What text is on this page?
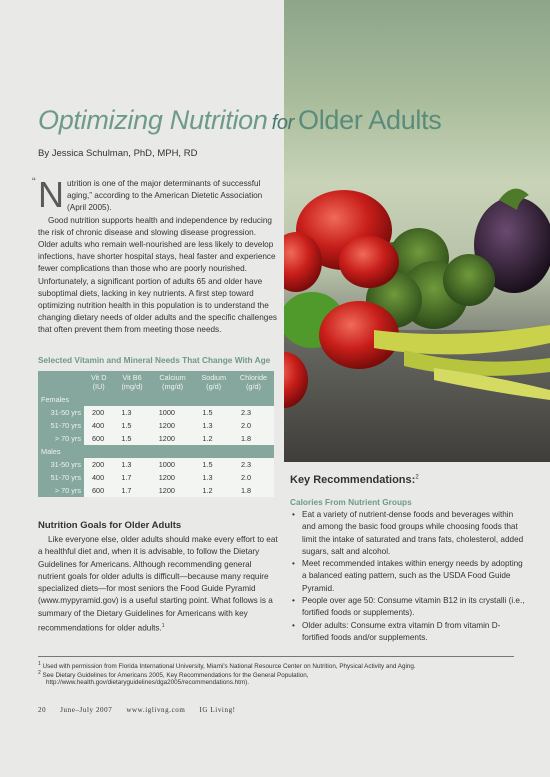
Optimizing Nutrition for Older Adults
By Jessica Schulman, PhD, MPH, RD
“ N utrition is one of the major determinants of successful aging,” according to the American Dietetic Association (April 2005).

Good nutrition supports health and independence by reducing the risk of chronic disease and slowing disease progression. Older adults who remain well-nourished are less likely to develop infections, have shorter hospital stays, heal faster and experience fewer complications than those who are poorly nourished. Unfortunately, a significant portion of adults 65 and older have suboptimal diets, lacking in key nutrients. A first step toward optimizing nutrition health in this population is to understand the changing dietary needs of older adults and the specific challenges that often prevent them from meeting those needs.

Selected Vitamin and Mineral Needs That Change With Age
	Vit D (IU)	Vit B6 (mg/d)	Calcium (mg/d)	Sodium (g/d)	Chloride (g/d)
Females					
31-50 yrs	200	1.3	1000	1.5	2.3
51-70 yrs	400	1.5	1200	1.3	2.0
> 70 yrs	600	1.5	1200	1.2	1.8
Males					
31-50 yrs	200	1.3	1000	1.5	2.3
51-70 yrs	400	1.7	1200	1.3	2.0
> 70 yrs	600	1.7	1200	1.2	1.8
Nutrition Goals for Older Adults
Like everyone else, older adults should make every effort to eat a healthful diet and, when it is advisable, to follow the Dietary Guidelines for Americans. Although recommending general nutrient goals for older adults is difficult—because many require specialized diets—for most seniors the Food Guide Pyramid (www.mypyramid.gov) is a useful starting point. What follows is a summary of the Dietary Guidelines for Americans with key recommendations for older adults.$^1$
Key Recommendations:$^2$
Calories From Nutrient Groups
• Eat a variety of nutrient-dense foods and beverages within and among the basic food groups while choosing foods that limit the intake of saturated and trans fats, cholesterol, added sugars, salt and alcohol.
• Meet recommended intakes within energy needs by adopting a balanced eating pattern, such as the USDA Food Guide Pyramid.
• People over age 50: Consume vitamin B12 in its crystalli (i.e., fortified foods or supplements).
• Older adults: Consume extra vitamin D from vitamin D-fortified foods and/or supplements.
$^1$ Used with permission from Florida International University, Miami's National Resource Center on Nutrition, Physical Activity and Aging.
$^2$ See Dietary Guidelines for Americans 2005, Key Recommendations for the General Population,
http://www.health.gov/dietaryguidelines/dga2005/recommendations.htm).
20 June–July 2007 www.iglivng.com IG Living!
